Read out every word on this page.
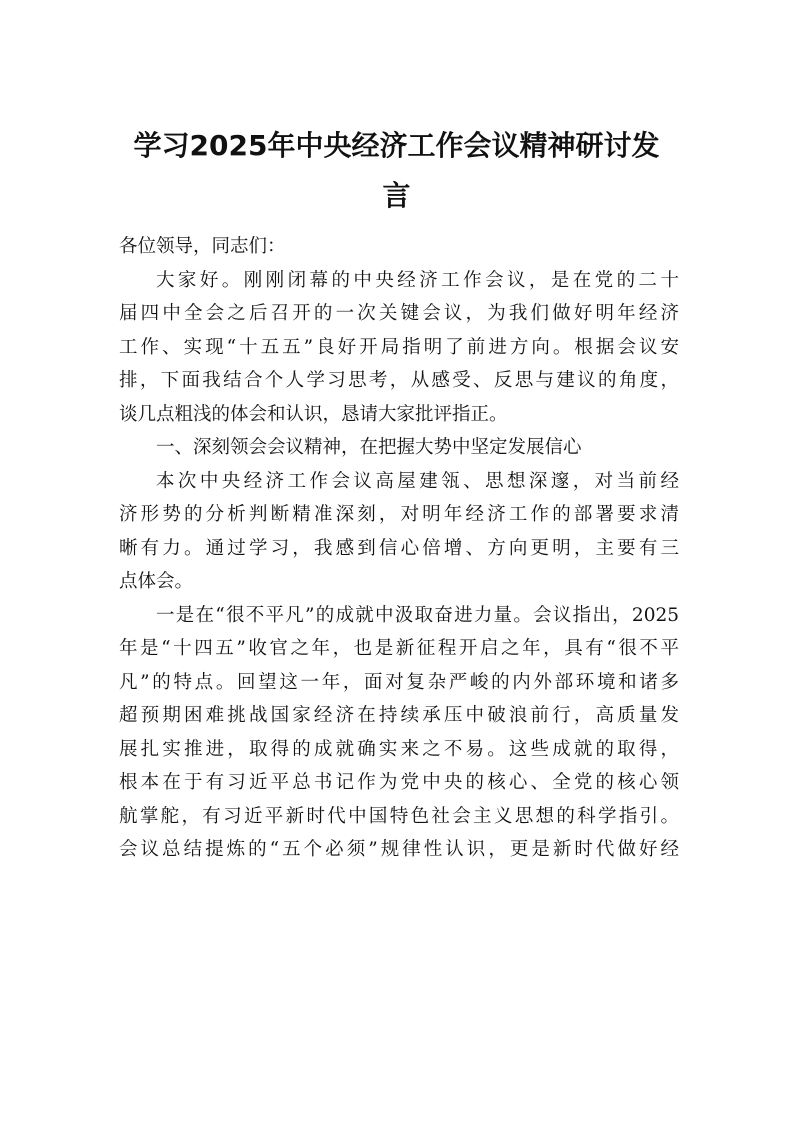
学习2025年中央经济工作会议精神研讨发
言
各位领导，同志们：
大家好。刚刚闭幕的中央经济工作会议，是在党的二十
届四中全会之后召开的一次关键会议，为我们做好明年经济
工作、实现“十五五”良好开局指明了前进方向。根据会议安
排，下面我结合个人学习思考，从感受、反思与建议的角度，
谈几点粗浅的体会和认识，恳请大家批评指正。
一、深刻领会会议精神，在把握大势中坚定发展信心
本次中央经济工作会议高屋建瓴、思想深邃，对当前经
济形势的分析判断精准深刻，对明年经济工作的部署要求清
晰有力。通过学习，我感到信心倍增、方向更明，主要有三
点体会。
一是在“很不平凡”的成就中汲取奋进力量。会议指出，2025
年是“十四五”收官之年，也是新征程开启之年，具有“很不平
凡”的特点。回望这一年，面对复杂严峻的内外部环境和诸多
超预期困难挑战国家经济在持续承压中破浪前行，高质量发
展扎实推进，取得的成就确实来之不易。这些成就的取得，
根本在于有习近平总书记作为党中央的核心、全党的核心领
航掌舵，有习近平新时代中国特色社会主义思想的科学指引。
会议总结提炼的“五个必须”规律性认识，更是新时代做好经
